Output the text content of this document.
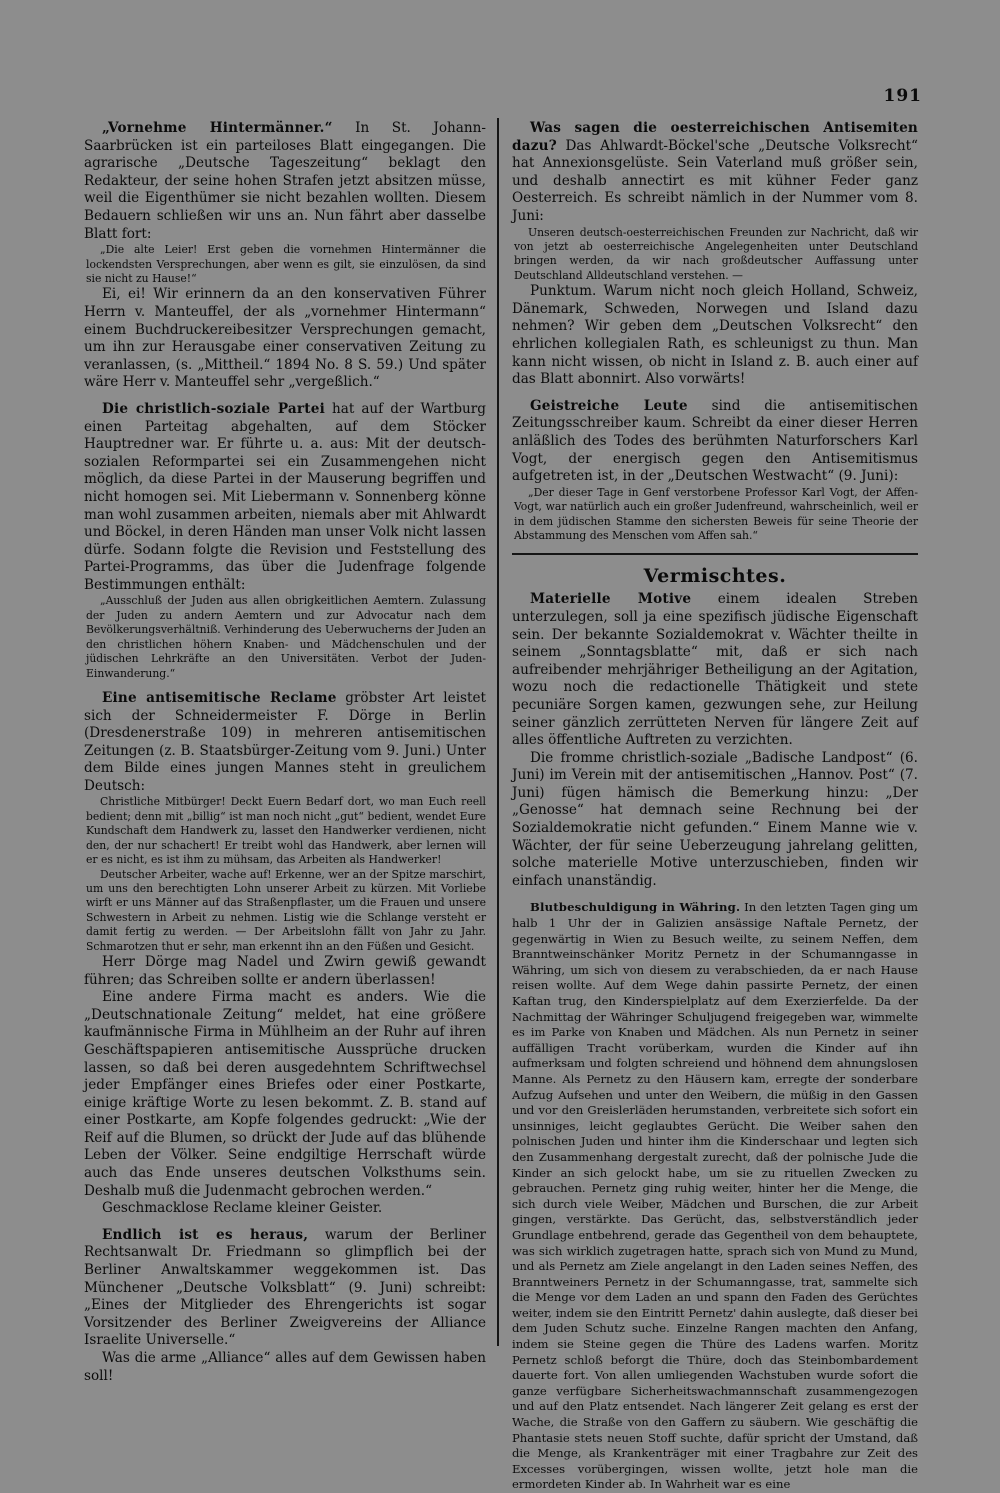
191

„Vornehme Hintermänner.“ In St. Johann-Saarbrücken ist ein parteiloses Blatt eingegangen. Die agrarische „Deutsche Tageszeitung“ beklagt den Redakteur, der seine hohen Strafen jetzt absitzen müsse, weil die Eigenthümer sie nicht bezahlen wollten. Diesem Bedauern schließen wir uns an. Nun fährt aber dasselbe Blatt fort:

„Die alte Leier! Erst geben die vornehmen Hintermänner die lockendsten Versprechungen, aber wenn es gilt, sie einzulösen, da sind sie nicht zu Hause!“

Ei, ei! Wir erinnern da an den konservativen Führer Herrn v. Manteuffel, der als „vornehmer Hintermann“ einem Buchdruckereibesitzer Versprechungen gemacht, um ihn zur Herausgabe einer conservativen Zeitung zu veranlassen, (s. „Mittheil.“ 1894 No. 8 S. 59.) Und später wäre Herr v. Manteuffel sehr „vergeßlich.“

Die christlich-soziale Partei hat auf der Wartburg einen Parteitag abgehalten, auf dem Stöcker Hauptredner war. Er führte u. a. aus: Mit der deutsch-sozialen Reformpartei sei ein Zusammengehen nicht möglich, da diese Partei in der Mauserung begriffen und nicht homogen sei. Mit Liebermann v. Sonnenberg könne man wohl zusammen arbeiten, niemals aber mit Ahlwardt und Böckel, in deren Händen man unser Volk nicht lassen dürfe. Sodann folgte die Revision und Feststellung des Partei-Programms, das über die Judenfrage folgende Bestimmungen enthält:

„Ausschluß der Juden aus allen obrigkeitlichen Aemtern. Zulassung der Juden zu andern Aemtern und zur Advocatur nach dem Bevölkerungsverhältniß. Verhinderung des Ueberwucherns der Juden an den christlichen höhern Knaben- und Mädchenschulen und der jüdischen Lehrkräfte an den Universitäten. Verbot der Juden-Einwanderung.“

Eine antisemitische Reclame gröbster Art leistet sich der Schneidermeister F. Dörge in Berlin (Dresdenerstraße 109) in mehreren antisemitischen Zeitungen (z. B. Staatsbürger-Zeitung vom 9. Juni.) Unter dem Bilde eines jungen Mannes steht in greulichem Deutsch:

Christliche Mitbürger! Deckt Euern Bedarf dort, wo man Euch reell bedient; denn mit „billig“ ist man noch nicht „gut“ bedient, wendet Eure Kundschaft dem Handwerk zu, lasset den Handwerker verdienen, nicht den, der nur schachert! Er treibt wohl das Handwerk, aber lernen will er es nicht, es ist ihm zu mühsam, das Arbeiten als Handwerker!

Deutscher Arbeiter, wache auf! Erkenne, wer an der Spitze marschirt, um uns den berechtigten Lohn unserer Arbeit zu kürzen. Mit Vorliebe wirft er uns Männer auf das Straßenpflaster, um die Frauen und unsere Schwestern in Arbeit zu nehmen. Listig wie die Schlange versteht er damit fertig zu werden. — Der Arbeitslohn fällt von Jahr zu Jahr. Schmarotzen thut er sehr, man erkennt ihn an den Füßen und Gesicht.

Herr Dörge mag Nadel und Zwirn gewiß gewandt führen; das Schreiben sollte er andern überlassen!

Eine andere Firma macht es anders. Wie die „Deutschnationale Zeitung“ meldet, hat eine größere kaufmännische Firma in Mühlheim an der Ruhr auf ihren Geschäftspapieren antisemitische Aussprüche drucken lassen, so daß bei deren ausgedehntem Schriftwechsel jeder Empfänger eines Briefes oder einer Postkarte, einige kräftige Worte zu lesen bekommt. Z. B. stand auf einer Postkarte, am Kopfe folgendes gedruckt: „Wie der Reif auf die Blumen, so drückt der Jude auf das blühende Leben der Völker. Seine endgiltige Herrschaft würde auch das Ende unseres deutschen Volksthums sein. Deshalb muß die Judenmacht gebrochen werden.“

Geschmacklose Reclame kleiner Geister.

Endlich ist es heraus, warum der Berliner Rechtsanwalt Dr. Friedmann so glimpflich bei der Berliner Anwaltskammer weggekommen ist. Das Münchener „Deutsche Volksblatt“ (9. Juni) schreibt: „Eines der Mitglieder des Ehrengerichts ist sogar Vorsitzender des Berliner Zweigvereins der Alliance Israelite Universelle.“

Was die arme „Alliance“ alles auf dem Gewissen haben soll!

Was sagen die oesterreichischen Antisemiten dazu? Das Ahlwardt-Böckel'sche „Deutsche Volksrecht“ hat Annexionsgelüste. Sein Vaterland muß größer sein, und deshalb annectirt es mit kühner Feder ganz Oesterreich. Es schreibt nämlich in der Nummer vom 8. Juni:

Unseren deutsch-oesterreichischen Freunden zur Nachricht, daß wir von jetzt ab oesterreichische Angelegenheiten unter Deutschland bringen werden, da wir nach großdeutscher Auffassung unter Deutschland Alldeutschland verstehen. —

Punktum. Warum nicht noch gleich Holland, Schweiz, Dänemark, Schweden, Norwegen und Island dazu nehmen? Wir geben dem „Deutschen Volksrecht“ den ehrlichen kollegialen Rath, es schleunigst zu thun. Man kann nicht wissen, ob nicht in Island z. B. auch einer auf das Blatt abonnirt. Also vorwärts!

Geistreiche Leute sind die antisemitischen Zeitungsschreiber kaum. Schreibt da einer dieser Herren anläßlich des Todes des berühmten Naturforschers Karl Vogt, der energisch gegen den Antisemitismus aufgetreten ist, in der „Deutschen Westwacht“ (9. Juni):

„Der dieser Tage in Genf verstorbene Professor Karl Vogt, der Affen-Vogt, war natürlich auch ein großer Judenfreund, wahrscheinlich, weil er in dem jüdischen Stamme den sichersten Beweis für seine Theorie der Abstammung des Menschen vom Affen sah.“

Vermischtes.

Materielle Motive einem idealen Streben unterzulegen, soll ja eine spezifisch jüdische Eigenschaft sein. Der bekannte Sozialdemokrat v. Wächter theilte in seinem „Sonntagsblatte“ mit, daß er sich nach aufreibender mehrjähriger Betheiligung an der Agitation, wozu noch die redactionelle Thätigkeit und stete pecuniäre Sorgen kamen, gezwungen sehe, zur Heilung seiner gänzlich zerrütteten Nerven für längere Zeit auf alles öffentliche Auftreten zu verzichten.

Die fromme christlich-soziale „Badische Landpost“ (6. Juni) im Verein mit der antisemitischen „Hannov. Post“ (7. Juni) fügen hämisch die Bemerkung hinzu: „Der „Genosse“ hat demnach seine Rechnung bei der Sozialdemokratie nicht gefunden.“ Einem Manne wie v. Wächter, der für seine Ueberzeugung jahrelang gelitten, solche materielle Motive unterzuschieben, finden wir einfach unanständig.

Blutbeschuldigung in Währing. In den letzten Tagen ging um halb 1 Uhr der in Galizien ansässige Naftale Pernetz, der gegenwärtig in Wien zu Besuch weilte, zu seinem Neffen, dem Branntweinschänker Moritz Pernetz in der Schumanngasse in Währing, um sich von diesem zu verabschieden, da er nach Hause reisen wollte. Auf dem Wege dahin passirte Pernetz, der einen Kaftan trug, den Kinderspielplatz auf dem Exerzierfelde. Da der Nachmittag der Währinger Schuljugend freigegeben war, wimmelte es im Parke von Knaben und Mädchen. Als nun Pernetz in seiner auffälligen Tracht vorüberkam, wurden die Kinder auf ihn aufmerksam und folgten schreiend und höhnend dem ahnungslosen Manne. Als Pernetz zu den Häusern kam, erregte der sonderbare Aufzug Aufsehen und unter den Weibern, die müßig in den Gassen und vor den Greislerläden herumstanden, verbreitete sich sofort ein unsinniges, leicht geglaubtes Gerücht. Die Weiber sahen den polnischen Juden und hinter ihm die Kinderschaar und legten sich den Zusammenhang dergestalt zurecht, daß der polnische Jude die Kinder an sich gelockt habe, um sie zu rituellen Zwecken zu gebrauchen. Pernetz ging ruhig weiter, hinter her die Menge, die sich durch viele Weiber, Mädchen und Burschen, die zur Arbeit gingen, verstärkte. Das Gerücht, das, selbstverständlich jeder Grundlage entbehrend, gerade das Gegentheil von dem behauptete, was sich wirklich zugetragen hatte, sprach sich von Mund zu Mund, und als Pernetz am Ziele angelangt in den Laden seines Neffen, des Branntweiners Pernetz in der Schumanngasse, trat, sammelte sich die Menge vor dem Laden an und spann den Faden des Gerüchtes weiter, indem sie den Eintritt Pernetz' dahin auslegte, daß dieser bei dem Juden Schutz suche. Einzelne Rangen machten den Anfang, indem sie Steine gegen die Thüre des Ladens warfen. Moritz Pernetz schloß beforgt die Thüre, doch das Steinbombardement dauerte fort. Von allen umliegenden Wachstuben wurde sofort die ganze verfügbare Sicherheitswachmannschaft zusammengezogen und auf den Platz entsendet. Nach längerer Zeit gelang es erst der Wache, die Straße von den Gaffern zu säubern. Wie geschäftig die Phantasie stets neuen Stoff suchte, dafür spricht der Umstand, daß die Menge, als Krankenträger mit einer Tragbahre zur Zeit des Excesses vorübergingen, wissen wollte, jetzt hole man die ermordeten Kinder ab. In Wahrheit war es eine
